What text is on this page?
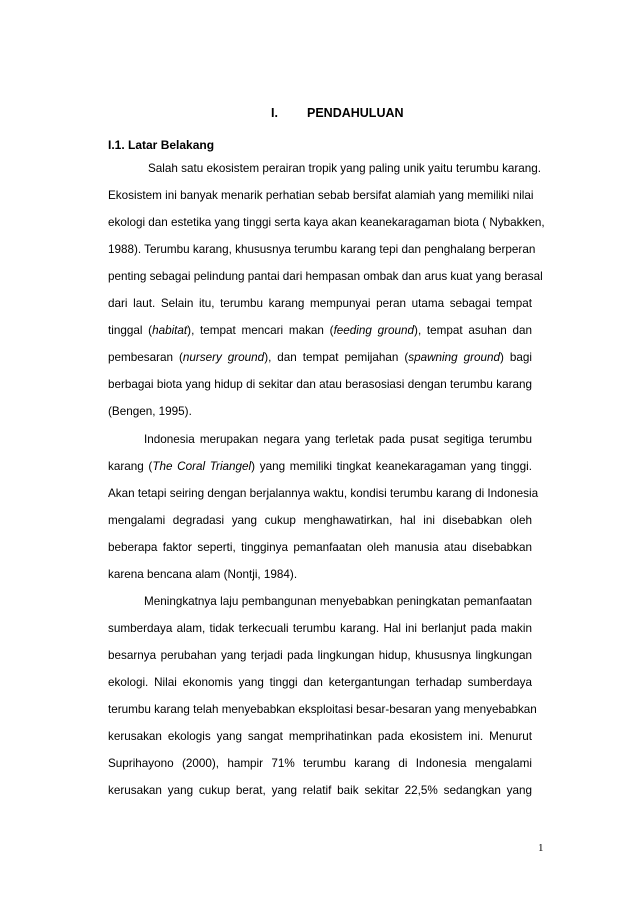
I. PENDAHULUAN
I.1. Latar Belakang
Salah satu ekosistem perairan tropik yang paling unik yaitu terumbu karang.
Ekosistem ini banyak menarik perhatian sebab bersifat alamiah yang memiliki nilai
ekologi dan estetika yang tinggi serta kaya akan keanekaragaman biota ( Nybakken,
1988). Terumbu karang, khususnya terumbu karang tepi dan penghalang berperan
penting sebagai pelindung pantai dari hempasan ombak dan arus kuat yang berasal
dari laut. Selain itu, terumbu karang mempunyai peran utama sebagai tempat
tinggal (habitat), tempat mencari makan (feeding ground), tempat asuhan dan
pembesaran (nursery ground), dan tempat pemijahan (spawning ground) bagi
berbagai biota yang hidup di sekitar dan atau berasosiasi dengan terumbu karang
(Bengen, 1995).
Indonesia merupakan negara yang terletak pada pusat segitiga terumbu
karang (The Coral Triangel) yang memiliki tingkat keanekaragaman yang tinggi.
Akan tetapi seiring dengan berjalannya waktu, kondisi terumbu karang di Indonesia
mengalami degradasi yang cukup menghawatirkan, hal ini disebabkan oleh
beberapa faktor seperti, tingginya pemanfaatan oleh manusia atau disebabkan
karena bencana alam (Nontji, 1984).
Meningkatnya laju pembangunan menyebabkan peningkatan pemanfaatan
sumberdaya alam, tidak terkecuali terumbu karang. Hal ini berlanjut pada makin
besarnya perubahan yang terjadi pada lingkungan hidup, khususnya lingkungan
ekologi. Nilai ekonomis yang tinggi dan ketergantungan terhadap sumberdaya
terumbu karang telah menyebabkan eksploitasi besar-besaran yang menyebabkan
kerusakan ekologis yang sangat memprihatinkan pada ekosistem ini. Menurut
Suprihayono (2000), hampir 71% terumbu karang di Indonesia mengalami
kerusakan yang cukup berat, yang relatif baik sekitar 22,5% sedangkan yang
1
